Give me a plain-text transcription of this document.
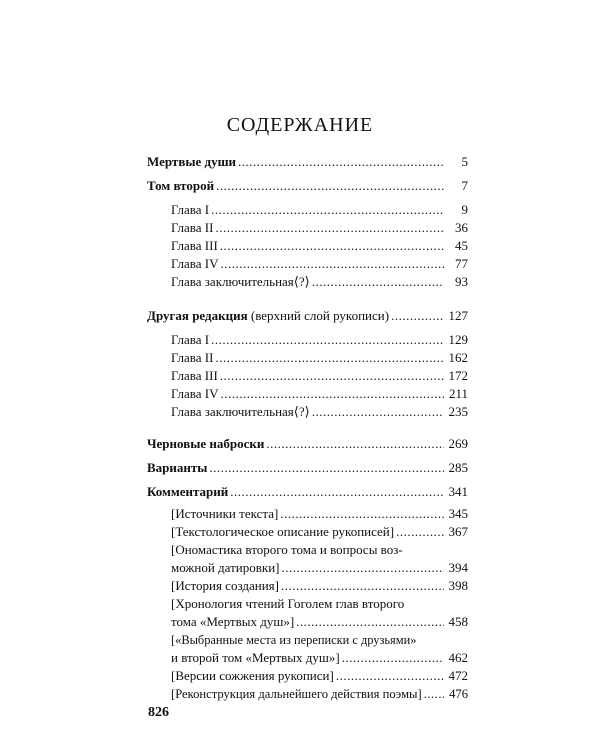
СОДЕРЖАНИЕ
Мертвые души .....	5
Том второй .....	7
Глава I .....	9
Глава II .....	36
Глава III .....	45
Глава IV .....	77
Глава заключительная⟨?⟩ .....	93
Другая редакция (верхний слой рукописи) .....	127
Глава I .....	129
Глава II .....	162
Глава III .....	172
Глава IV .....	211
Глава заключительная⟨?⟩ .....	235
Черновые наброски .....	269
Варианты .....	285
Комментарий .....	341
[Источники текста] .....	345
[Текстологическое описание рукописей] .....	367
[Ономастика второго тома и вопросы воз-
можной датировки] .....	394
[История создания] .....	398
[Хронология чтений Гоголем глав второго
тома «Мертвых душ»] .....	458
[«Выбранные места из переписки с друзьями»
и второй том «Мертвых душ»] .....	462
[Версии сожжения рукописи] .....	472
[Реконструкция дальнейшего действия поэмы] ..... 476
826
